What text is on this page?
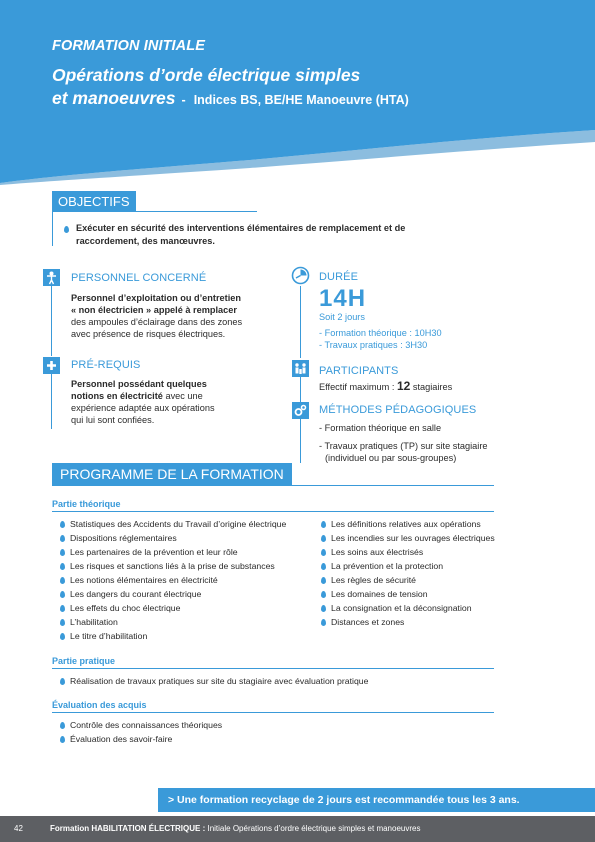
FORMATION INITIALE
Opérations d’orde électrique simples
et manoeuvres - Indices BS, BE/HE Manoeuvre (HTA)
OBJECTIFS
Exécuter en sécurité des interventions élémentaires de remplacement et de raccordement, des manœuvres.
PERSONNEL CONCERNÉ
Personnel d’exploitation ou d’entretien
« non électricien » appelé à remplacer
des ampoules d’éclairage dans des zones
avec présence de risques électriques.
PRÉ-REQUIS
Personnel possédant quelques
notions en électricité avec une
expérience adaptée aux opérations
qui lui sont confiées.
DURÉE
14H
Soit 2 jours
- Formation théorique : 10H30
- Travaux pratiques : 3H30
PARTICIPANTS
Effectif maximum : 12 stagiaires
MÉTHODES PÉDAGOGIQUES
- Formation théorique en salle
- Travaux pratiques (TP) sur site stagiaire
(individuel ou par sous-groupes)
PROGRAMME DE LA FORMATION
Partie théorique
Statistiques des Accidents du Travail d’origine électrique
Dispositions réglementaires
Les partenaires de la prévention et leur rôle
Les risques et sanctions liés à la prise de substances
Les notions élémentaires en électricité
Les dangers du courant électrique
Les effets du choc électrique
L’habilitation
Le titre d’habilitation
Les définitions relatives aux opérations
Les incendies sur les ouvrages électriques
Les soins aux électrisés
La prévention et la protection
Les règles de sécurité
Les domaines de tension
La consignation et la déconsignation
Distances et zones
Partie pratique
Réalisation de travaux pratiques sur site du stagiaire avec évaluation pratique
Évaluation des acquis
Contrôle des connaissances théoriques
Évaluation des savoir-faire
> Une formation recyclage de 2 jours est recommandée tous les 3 ans.
42	Formation HABILITATION ÉLECTRIQUE : Initiale Opérations d’ordre électrique simples et manoeuvres
